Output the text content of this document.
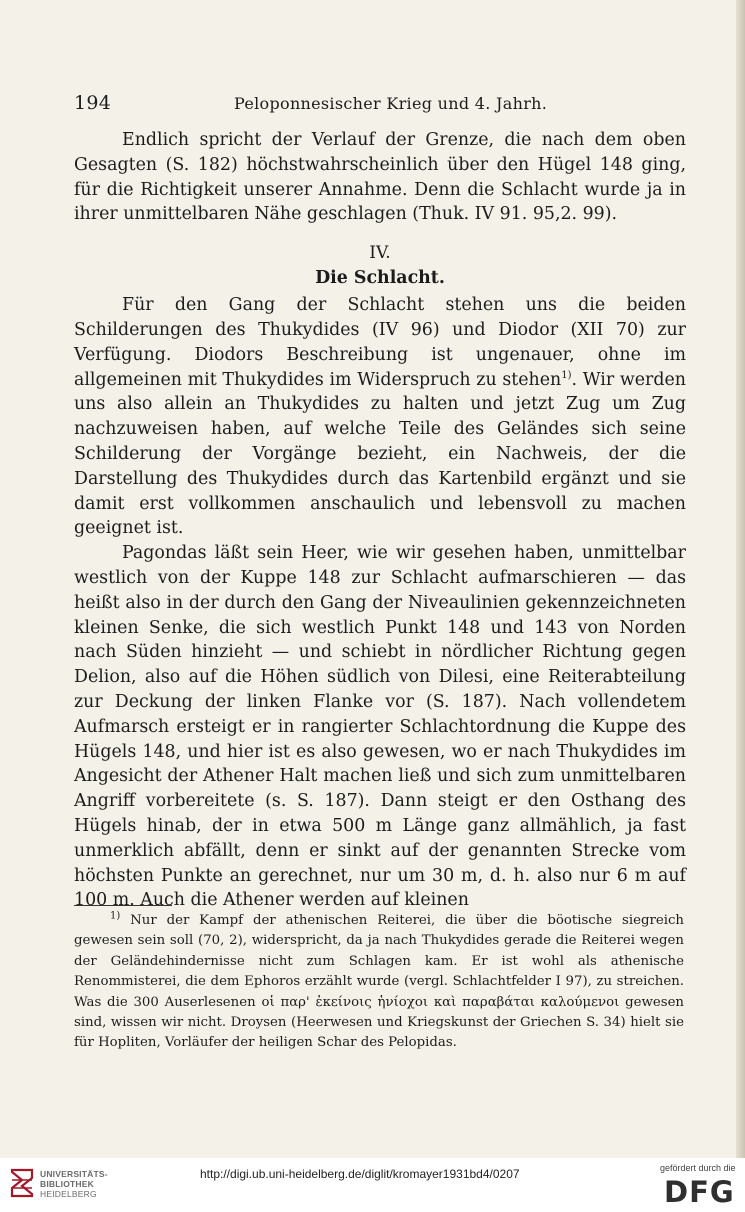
194	Peloponnesischer Krieg und 4. Jahrh.

Endlich spricht der Verlauf der Grenze, die nach dem oben Gesagten (S. 182) höchstwahrscheinlich über den Hügel 148 ging, für die Richtigkeit unserer Annahme. Denn die Schlacht wurde ja in ihrer unmittelbaren Nähe geschlagen (Thuk. IV 91. 95,2. 99).

IV.
Die Schlacht.

Für den Gang der Schlacht stehen uns die beiden Schilderungen des Thukydides (IV 96) und Diodor (XII 70) zur Verfügung. Diodors Beschreibung ist ungenauer, ohne im allgemeinen mit Thukydides im Widerspruch zu stehen$^{1)}$. Wir werden uns also allein an Thukydides zu halten und jetzt Zug um Zug nachzuweisen haben, auf welche Teile des Geländes sich seine Schilderung der Vorgänge bezieht, ein Nachweis, der die Darstellung des Thukydides durch das Kartenbild ergänzt und sie damit erst vollkommen anschaulich und lebensvoll zu machen geeignet ist.

Pagondas läßt sein Heer, wie wir gesehen haben, unmittelbar westlich von der Kuppe 148 zur Schlacht aufmarschieren — das heißt also in der durch den Gang der Niveaulinien gekennzeichneten kleinen Senke, die sich westlich Punkt 148 und 143 von Norden nach Süden hinzieht — und schiebt in nördlicher Richtung gegen Delion, also auf die Höhen südlich von Dilesi, eine Reiterabteilung zur Deckung der linken Flanke vor (S. 187). Nach vollendetem Aufmarsch ersteigt er in rangierter Schlachtordnung die Kuppe des Hügels 148, und hier ist es also gewesen, wo er nach Thukydides im Angesicht der Athener Halt machen ließ und sich zum unmittelbaren Angriff vorbereitete (s. S. 187). Dann steigt er den Osthang des Hügels hinab, der in etwa 500 m Länge ganz allmählich, ja fast unmerklich abfällt, denn er sinkt auf der genannten Strecke vom höchsten Punkte an gerechnet, nur um 30 m, d. h. also nur 6 m auf 100 m. Auch die Athener werden auf kleinen

$^{1)}$ Nur der Kampf der athenischen Reiterei, die über die böotische siegreich gewesen sein soll (70, 2), widerspricht, da ja nach Thukydides gerade die Reiterei wegen der Geländehindernisse nicht zum Schlagen kam. Er ist wohl als athenische Renommisterei, die dem Ephoros erzählt wurde (vergl. Schlachtfelder I 97), zu streichen. Was die 300 Auserlesenen οἱ παρ' ἐκείνοις ἡνίοχοι καὶ παραβάται καλούμενοι gewesen sind, wissen wir nicht. Droysen (Heerwesen und Kriegskunst der Griechen S. 34) hielt sie für Hopliten, Vorläufer der heiligen Schar des Pelopidas.

UNIVERSITÄTS-
BIBLIOTHEK
HEIDELBERG
http://digi.ub.uni-heidelberg.de/diglit/kromayer1931bd4/0207	gefördert durch die
DFG
